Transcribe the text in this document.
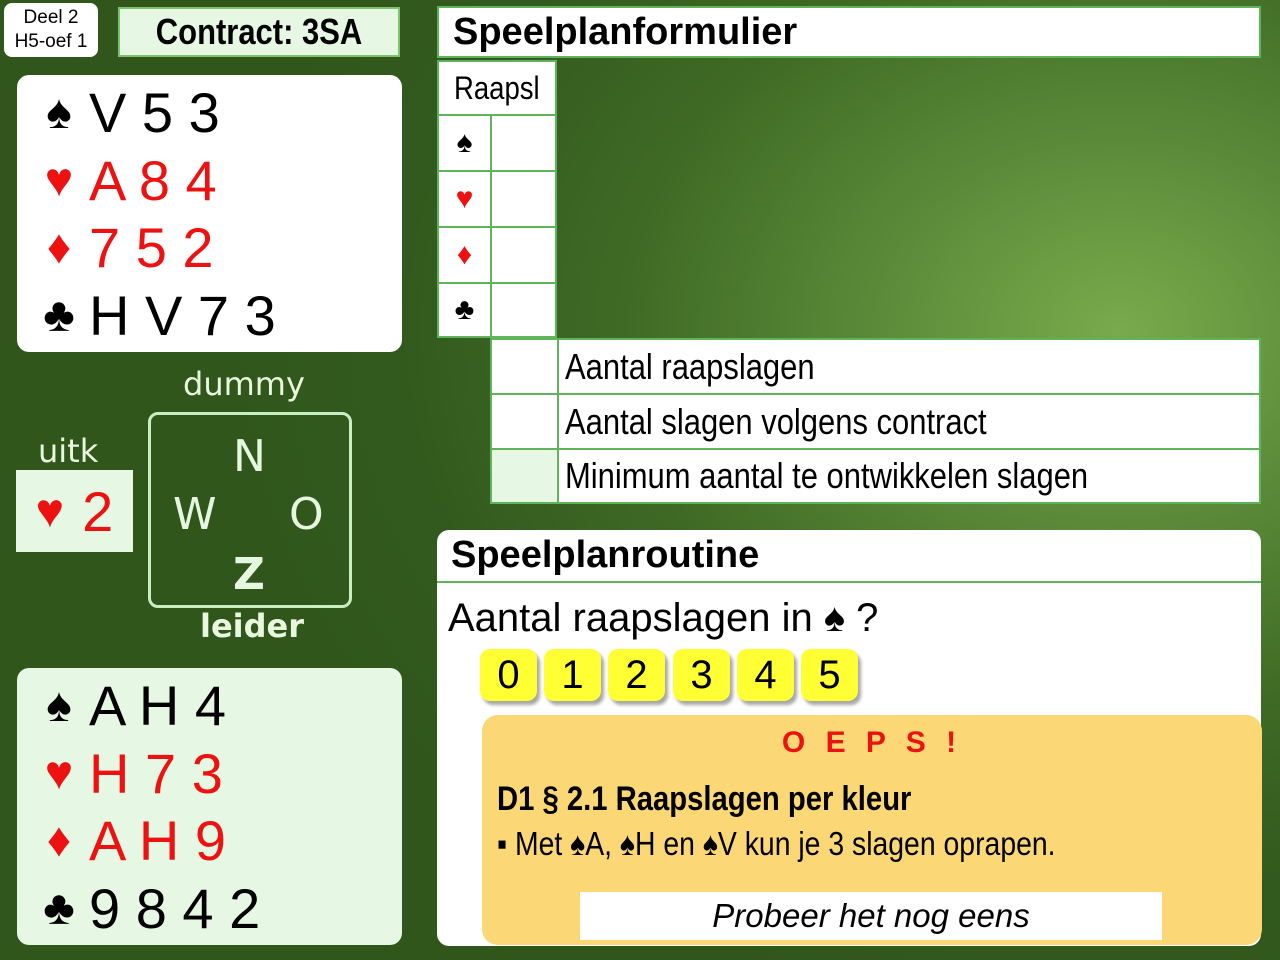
Deel 2
H5-oef 1 Contract: 3SA
♠ V 5 3
♥ A 8 4
♦ 7 5 2
♣ H V 7 3
dummy
uitk
leider
♥ 2
N
W O
Z
♠ A H 4
♥ H 7 3
♦ A H 9
♣ 9 8 4 2
Speelplanformulier
Raapsl
♠
♥
♦
♣
Aantal raapslagen
Aantal slagen volgens contract
Minimum aantal te ontwikkelen slagen
Speelplanroutine
Aantal raapslagen in ♠ ?
0	1	2	3	4	5
O E P S !
D1 § 2.1 Raapslagen per kleur
▪ Met ♠A, ♠H en ♠V kun je 3 slagen oprapen.
Probeer het nog eens
